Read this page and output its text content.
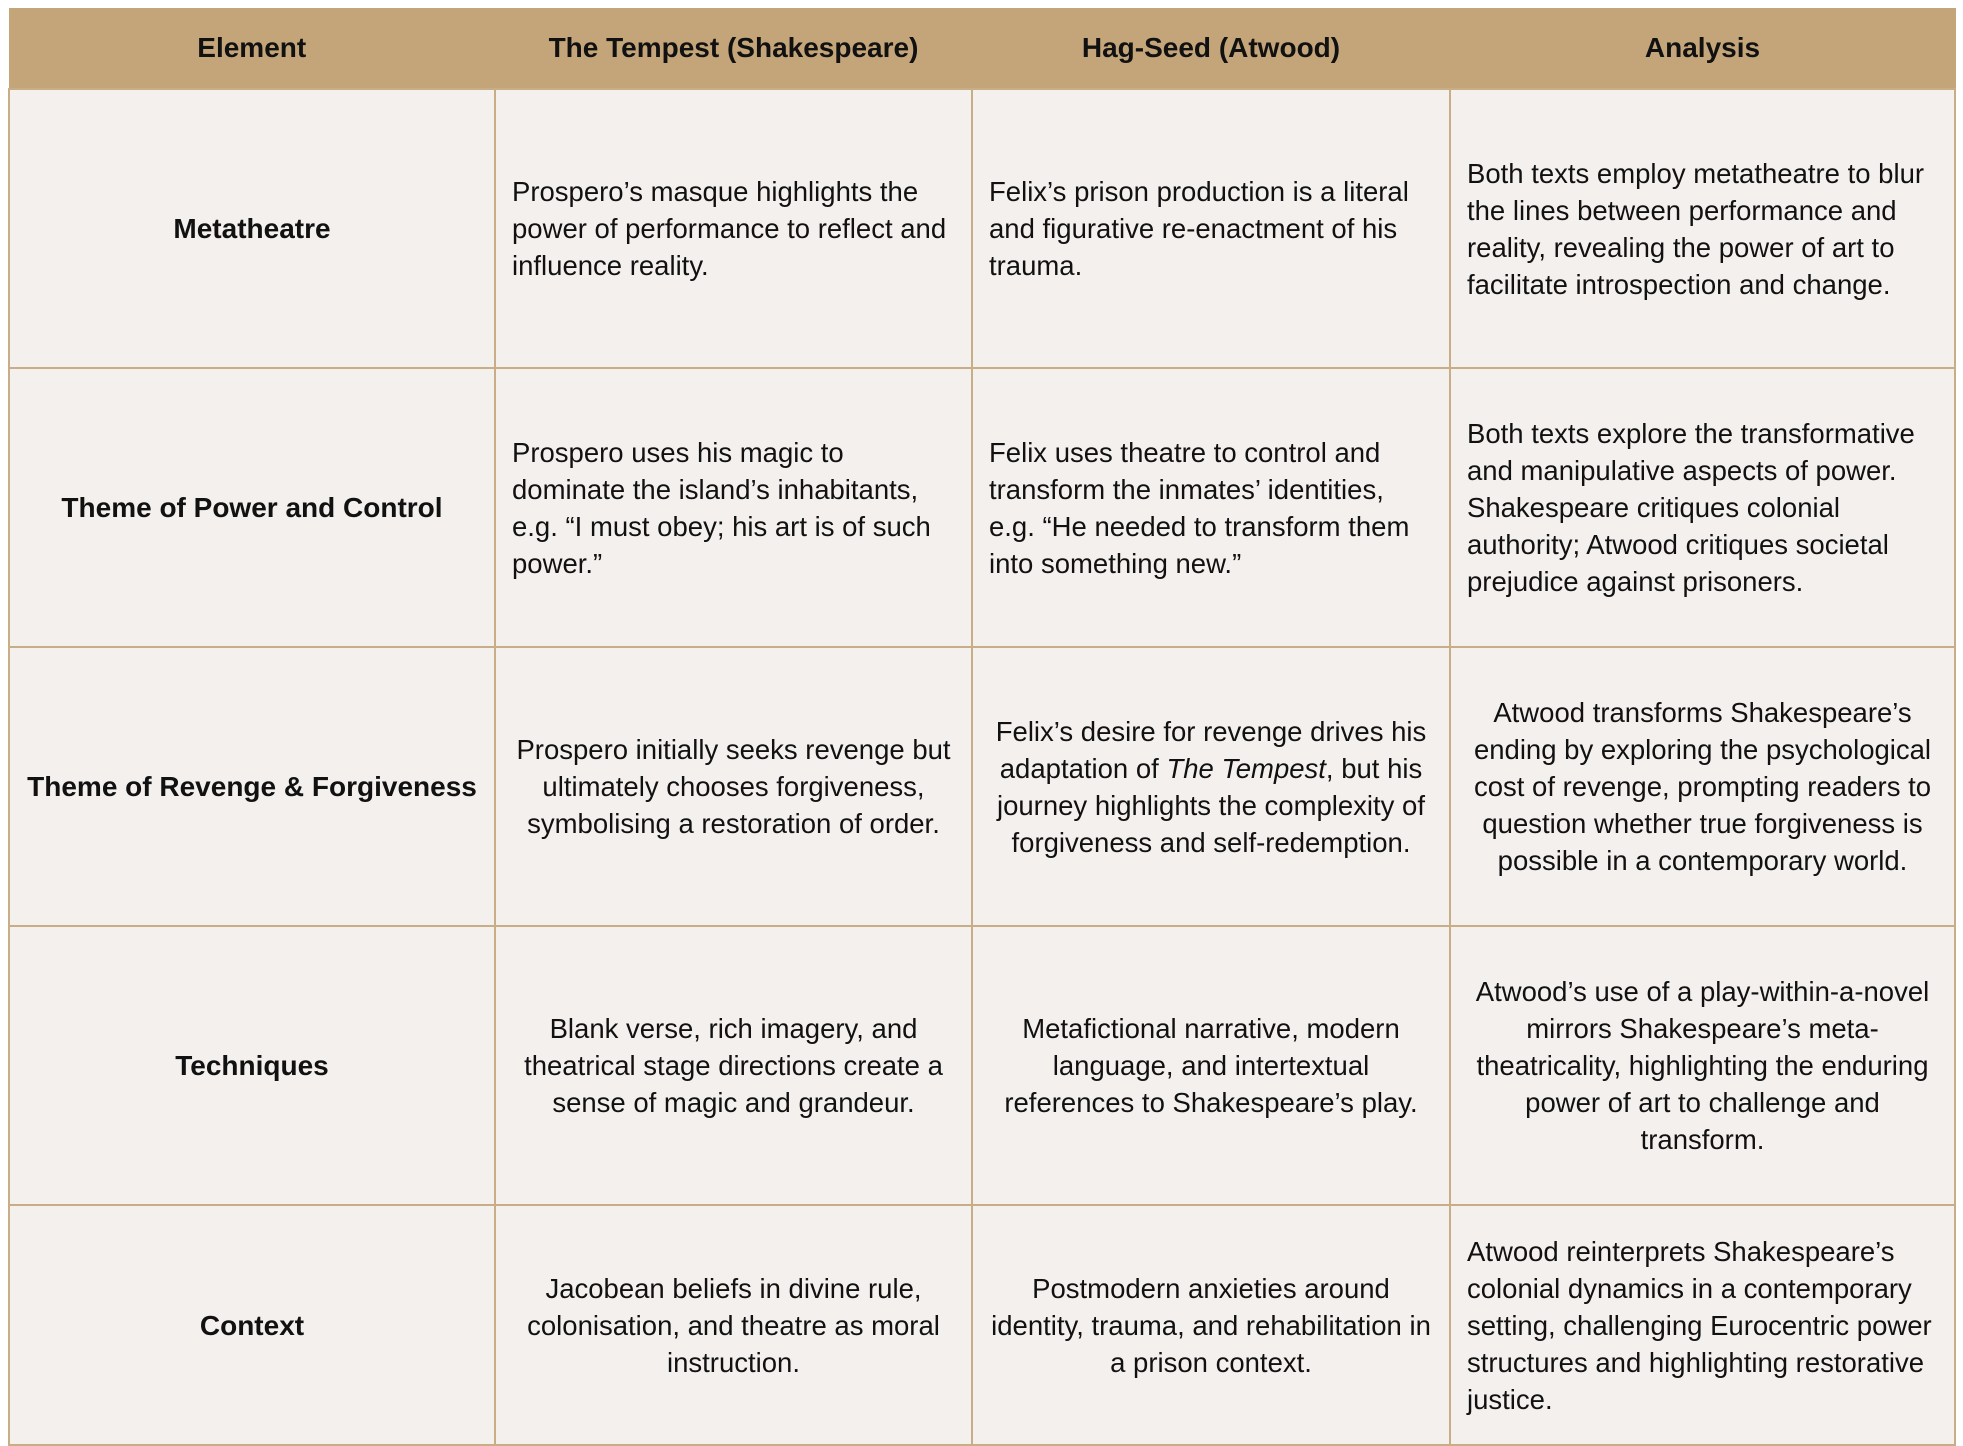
Element	The Tempest (Shakespeare)	Hag-Seed (Atwood)	Analysis
Metatheatre	Prospero’s masque highlights the power of performance to reflect and influence reality.	Felix’s prison production is a literal and figurative re-enactment of his trauma.	Both texts employ metatheatre to blur the lines between performance and reality, revealing the power of art to facilitate introspection and change.
Theme of Power and Control	Prospero uses his magic to dominate the island’s inhabitants, e.g. “I must obey; his art is of such power.”	Felix uses theatre to control and transform the inmates’ identities, e.g. “He needed to transform them into something new.”	Both texts explore the transformative and manipulative aspects of power. Shakespeare critiques colonial authority; Atwood critiques societal prejudice against prisoners.
Theme of Revenge & Forgiveness	Prospero initially seeks revenge but ultimately chooses forgiveness, symbolising a restoration of order.	Felix’s desire for revenge drives his adaptation of The Tempest, but his journey highlights the complexity of forgiveness and self-redemption.	Atwood transforms Shakespeare’s ending by exploring the psychological cost of revenge, prompting readers to question whether true forgiveness is possible in a contemporary world.
Techniques	Blank verse, rich imagery, and theatrical stage directions create a sense of magic and grandeur.	Metafictional narrative, modern language, and intertextual references to Shakespeare’s play.	Atwood’s use of a play-within-a-novel mirrors Shakespeare’s meta-theatricality, highlighting the enduring power of art to challenge and transform.
Context	Jacobean beliefs in divine rule, colonisation, and theatre as moral instruction.	Postmodern anxieties around identity, trauma, and rehabilitation in a prison context.	Atwood reinterprets Shakespeare’s colonial dynamics in a contemporary setting, challenging Eurocentric power structures and highlighting restorative justice.
